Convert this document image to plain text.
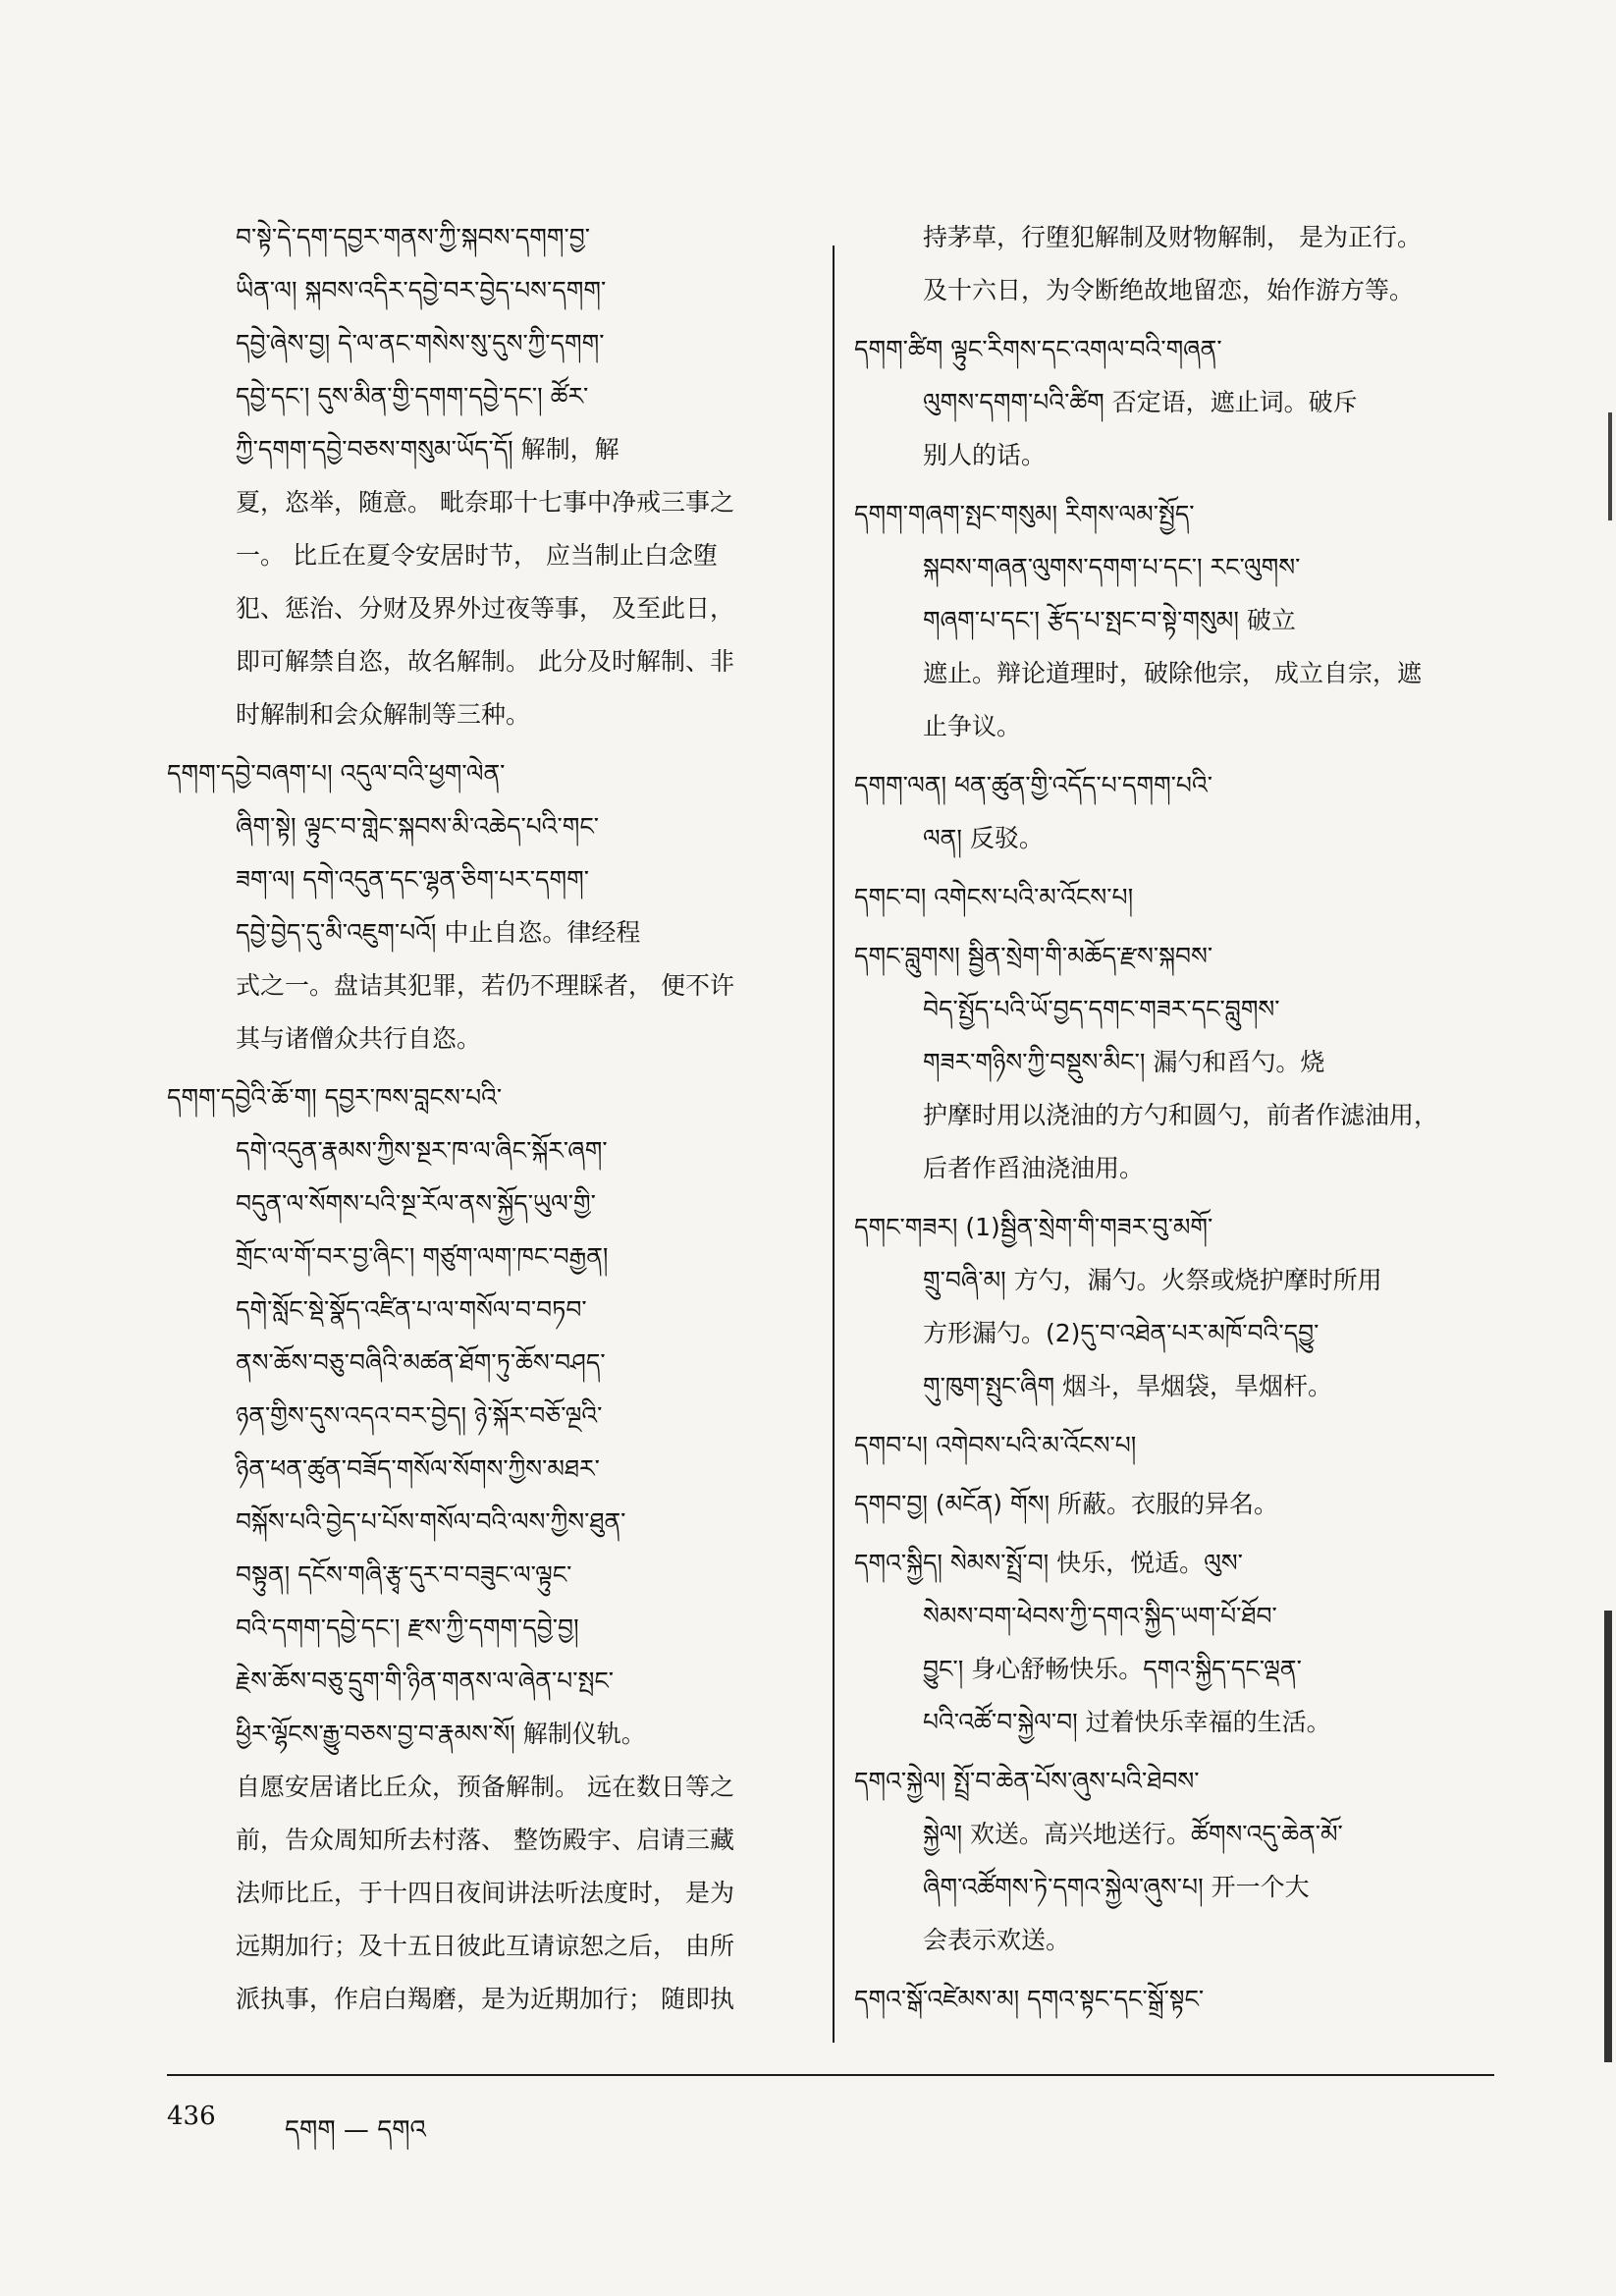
བ་སྟེ་དེ་དག་དབྱར་གནས་ཀྱི་སྐབས་དགག་བྱ་
ཡིན་ལ། སྐབས་འདིར་དབྱེ་བར་བྱེད་པས་དགག་
དབྱེ་ཞེས་བྱ། དེ་ལ་ནང་གསེས་སུ་དུས་ཀྱི་དགག་
དབྱེ་དང་། དུས་མིན་གྱི་དགག་དབྱེ་དང་། ཚོར་
ཀྱི་དགག་དབྱེ་བཅས་གསུམ་ཡོད་དོ། 解制，解
夏，恣举，随意。 毗奈耶十七事中净戒三事之
一。 比丘在夏令安居时节， 应当制止白念堕
犯、惩治、分财及界外过夜等事， 及至此日，
即可解禁自恣，故名解制。 此分及时解制、非
时解制和会众解制等三种。
དགག་དབྱེ་བཞག་པ། འདུལ་བའི་ཕྱག་ལེན་
ཞིག་སྟེ། ལྟུང་བ་གླེང་སྐབས་མི་འཆེད་པའི་གང་
ཟག་ལ། དགེ་འདུན་དང་ལྷན་ཅིག་པར་དགག་
དབྱེ་བྱེད་དུ་མི་འཇུག་པའོ། 中止自恣。律经程
式之一。盘诘其犯罪，若仍不理睬者， 便不许
其与诸僧众共行自恣。
དགག་དབྱེའི་ཆོ་ག། དབྱར་ཁས་བླངས་པའི་
དགེ་འདུན་རྣམས་ཀྱིས་སྔར་ཁ་ལ་ཞིང་སྐོར་ཞག་
བདུན་ལ་སོགས་པའི་སྔ་རོལ་ནས་སྐྱོད་ཡུལ་གྱི་
གྲོང་ལ་གོ་བར་བྱ་ཞིང་། གཙུག་ལག་ཁང་བརྒྱན།
དགེ་སློང་སྡེ་སྣོད་འཛིན་པ་ལ་གསོལ་བ་བཏབ་
ནས་ཆོས་བཅུ་བཞིའི་མཚན་ཐོག་ཏུ་ཆོས་བཤད་
ཉན་གྱིས་དུས་འདའ་བར་བྱེད། ཉེ་སྐོར་བཅོ་ལྔའི་
ཉིན་ཕན་ཚུན་བཟོད་གསོལ་སོགས་ཀྱིས་མཐར་
བསྐོས་པའི་བྱེད་པ་པོས་གསོལ་བའི་ལས་ཀྱིས་ཐུན་
བསྟུན། དངོས་གཞི་རྩྭ་དུར་བ་བཟུང་ལ་ལྟུང་
བའི་དགག་དབྱེ་དང་། རྫས་ཀྱི་དགག་དབྱེ་བྱ།
རྗེས་ཆོས་བཅུ་དྲུག་གི་ཉིན་གནས་ལ་ཞེན་པ་སྤང་
ཕྱིར་ལྷོངས་རྒྱུ་བཅས་བྱ་བ་རྣམས་སོ། 解制仪轨。
自愿安居诸比丘众，预备解制。 远在数日等之
前，告众周知所去村落、 整饬殿宇、启请三藏
法师比丘，于十四日夜间讲法听法度时， 是为
远期加行；及十五日彼此互请谅恕之后， 由所
派执事，作启白羯磨，是为近期加行； 随即执
持茅草，行堕犯解制及财物解制， 是为正行。
及十六日，为令断绝故地留恋，始作游方等。
དགག་ཚིག ལྟུང་རིགས་དང་འགལ་བའི་གཞན་
ལུགས་དགག་པའི་ཚིག 否定语，遮止词。破斥
别人的话。
དགག་གཞག་སྤང་གསུམ། རིགས་ལམ་སྤྱོད་
སྐབས་གཞན་ལུགས་དགག་པ་དང་། རང་ལུགས་
གཞག་པ་དང་། རྩོད་པ་སྤང་བ་སྟེ་གསུམ། 破立
遮止。辩论道理时，破除他宗， 成立自宗，遮
止争议。
དགག་ལན། ཕན་ཚུན་གྱི་འདོད་པ་དགག་པའི་
ལན། 反驳。
དགང་བ། འགེངས་པའི་མ་འོངས་པ།
དགང་བླུགས། སྦྱིན་སྲེག་གི་མཆོད་རྫས་སྐབས་
བེད་སྤྱོད་པའི་ཡོ་བྱད་དགང་གཟར་དང་བླུགས་
གཟར་གཉིས་ཀྱི་བསྡུས་མིང་། 漏勺和舀勺。烧
护摩时用以浇油的方勺和圆勺，前者作滤油用，
后者作舀油浇油用。
དགང་གཟར། (1)སྦྱིན་སྲེག་གི་གཟར་བུ་མགོ་
གྲུ་བཞི་མ། 方勺，漏勺。火祭或烧护摩时所用
方形漏勺。(2)དུ་བ་འཐེན་པར་མཁོ་བའི་དབྱུ་
གུ་ཁུག་སྤུང་ཞིག 烟斗，旱烟袋，旱烟杆。
དགབ་པ། འགེབས་པའི་མ་འོངས་པ།
དགབ་བྱ། (མངོན) གོས། 所蔽。衣服的异名。
དགའ་སྐྱིད། སེམས་སྤྲོ་བ། 快乐，悦适。ལུས་
སེམས་བག་ཕེབས་ཀྱི་དགའ་སྐྱིད་ཡག་པོ་ཐོབ་
བྱུང་། 身心舒畅快乐。དགའ་སྐྱིད་དང་ལྡན་
པའི་འཚོ་བ་སྐྱེལ་བ། 过着快乐幸福的生活。
དགའ་སྐྱེལ། སྤྲོ་བ་ཆེན་པོས་ཞུས་པའི་ཐེབས་
སྐྱེལ། 欢送。高兴地送行。ཚོགས་འདུ་ཆེན་མོ་
ཞིག་འཚོགས་ཏེ་དགའ་སྐྱེལ་ཞུས་པ། 开一个大
会表示欢送。
དགའ་སྒོ་འཛེམས་མ། དགའ་སྟང་དང་སྒྲོ་སྟང་
436	དགག — དགའ
